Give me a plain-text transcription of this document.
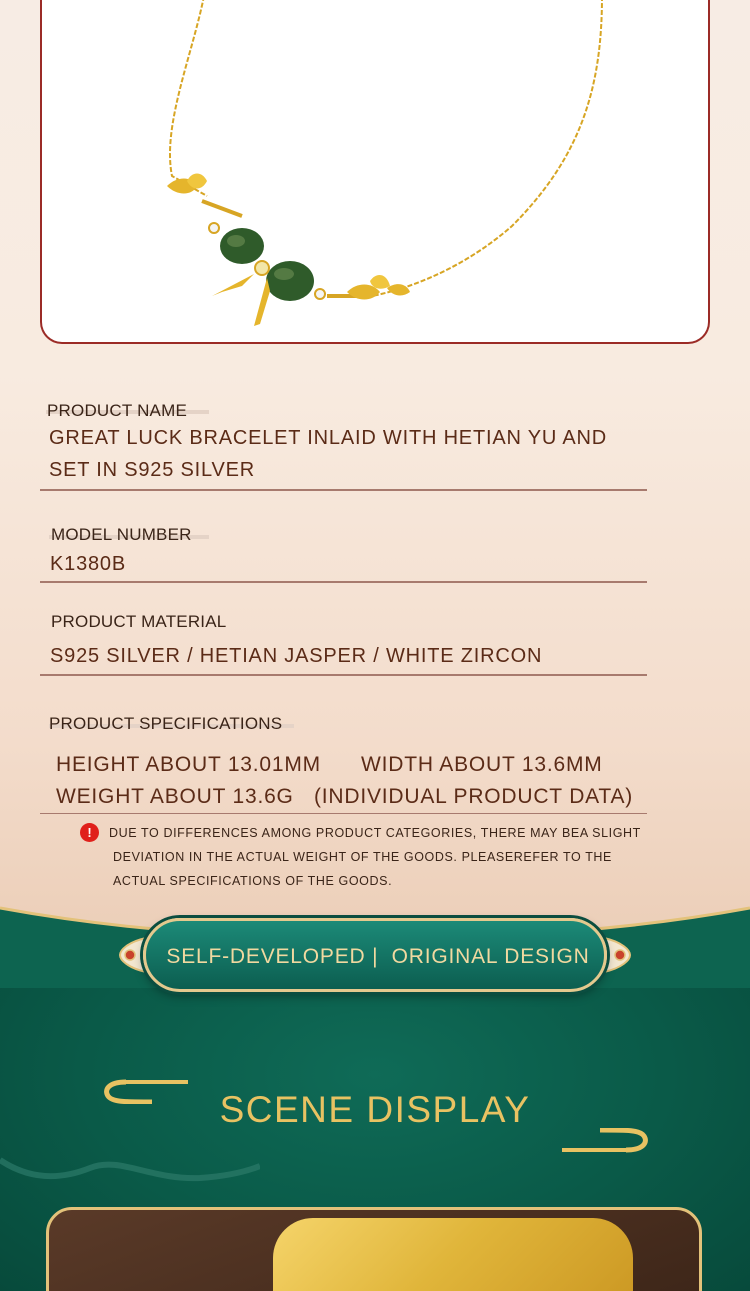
PRODUCT NAME
GREAT LUCK BRACELET INLAID WITH HETIAN YU AND
SET IN S925 SILVER
MODEL NUMBER
K1380B
PRODUCT MATERIAL
S925 SILVER / HETIAN JASPER / WHITE ZIRCON
PRODUCT SPECIFICATIONS
HEIGHT ABOUT 13.01MM WIDTH ABOUT 13.6MM
WEIGHT ABOUT 13.6G (INDIVIDUAL PRODUCT DATA)
!	DUE TO DIFFERENCES AMONG PRODUCT CATEGORIES, THERE MAY BEA SLIGHT
DEVIATION IN THE ACTUAL WEIGHT OF THE GOODS. PLEASEREFER TO THE
ACTUAL SPECIFICATIONS OF THE GOODS.
SELF-DEVELOPED |  ORIGINAL DESIGN
SCENE DISPLAY
